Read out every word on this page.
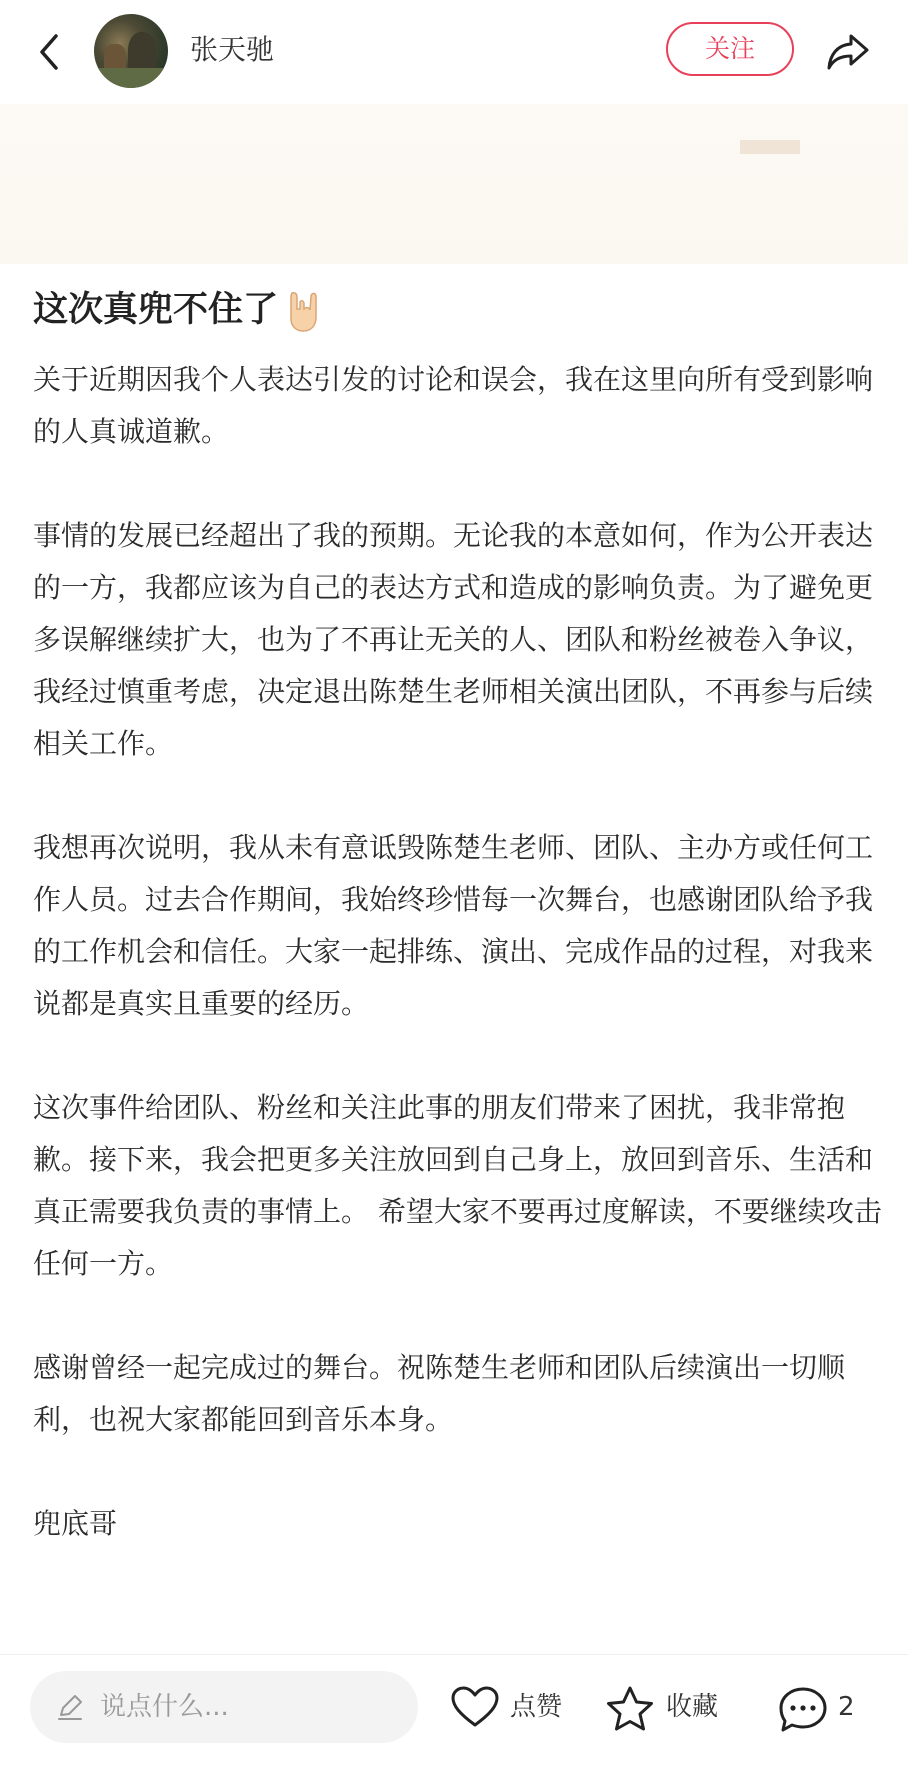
张天驰	关注
这次真兜不住了

关于近期因我个人表达引发的讨论和误会，我在这里向所有受到影响的人真诚道歉。

事情的发展已经超出了我的预期。无论我的本意如何，作为公开表达的一方，我都应该为自己的表达方式和造成的影响负责。为了避免更多误解继续扩大，也为了不再让无关的人、团队和粉丝被卷入争议，我经过慎重考虑，决定退出陈楚生老师相关演出团队，不再参与后续相关工作。

我想再次说明，我从未有意诋毁陈楚生老师、团队、主办方或任何工作人员。过去合作期间，我始终珍惜每一次舞台，也感谢团队给予我的工作机会和信任。大家一起排练、演出、完成作品的过程，对我来说都是真实且重要的经历。

这次事件给团队、粉丝和关注此事的朋友们带来了困扰，我非常抱歉。接下来，我会把更多关注放回到自己身上，放回到音乐、生活和真正需要我负责的事情上。 希望大家不要再过度解读，不要继续攻击任何一方。

感谢曾经一起完成过的舞台。祝陈楚生老师和团队后续演出一切顺利，也祝大家都能回到音乐本身。

兜底哥

说点什么...	点赞	收藏	2
